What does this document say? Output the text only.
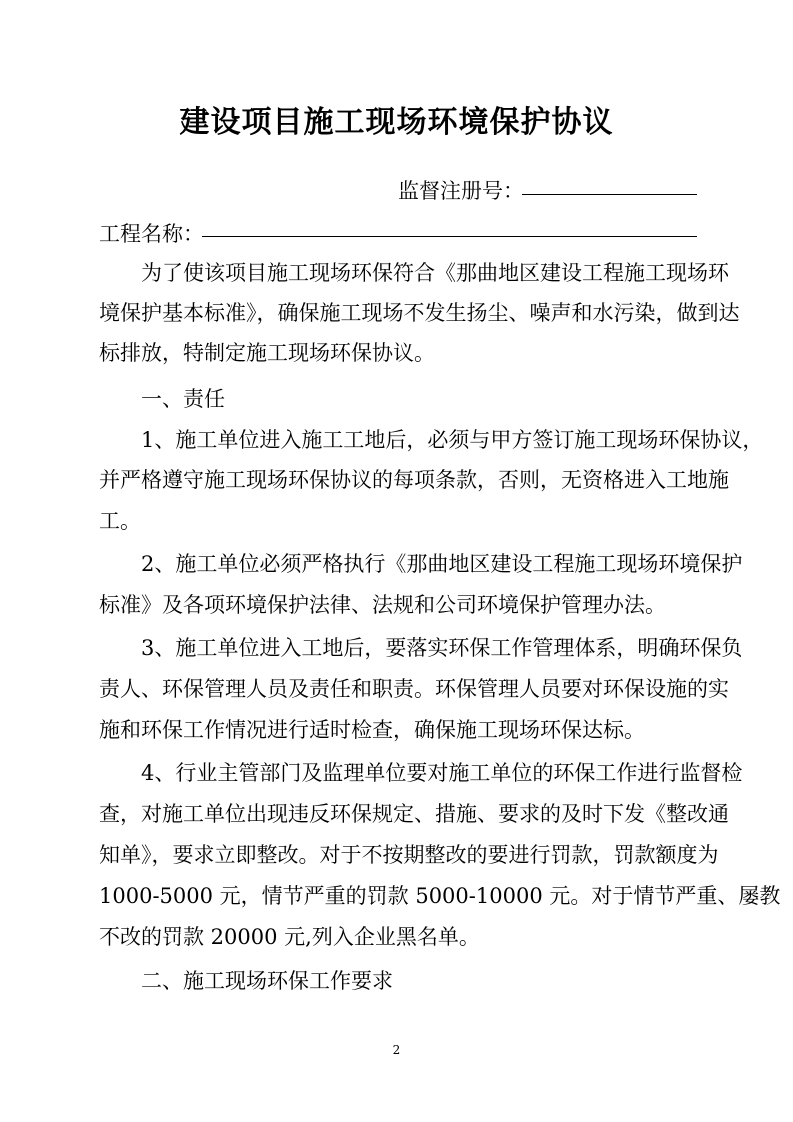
建设项目施工现场环境保护协议
监督注册号：
工程名称：
为了使该项目施工现场环保符合《那曲地区建设工程施工现场环
境保护基本标准》，确保施工现场不发生扬尘、噪声和水污染，做到达
标排放，特制定施工现场环保协议。
一、责任
1、施工单位进入施工工地后，必须与甲方签订施工现场环保协议，
并严格遵守施工现场环保协议的每项条款，否则，无资格进入工地施
工。
2、施工单位必须严格执行《那曲地区建设工程施工现场环境保护
标准》及各项环境保护法律、法规和公司环境保护管理办法。
3、施工单位进入工地后，要落实环保工作管理体系，明确环保负
责人、环保管理人员及责任和职责。环保管理人员要对环保设施的实
施和环保工作情况进行适时检查，确保施工现场环保达标。
4、行业主管部门及监理单位要对施工单位的环保工作进行监督检
查，对施工单位出现违反环保规定、措施、要求的及时下发《整改通
知单》，要求立即整改。对于不按期整改的要进行罚款，罚款额度为
1000-5000 元，情节严重的罚款 5000-10000 元。对于情节严重、屡教
不改的罚款 20000 元,列入企业黑名单。
二、施工现场环保工作要求
2
